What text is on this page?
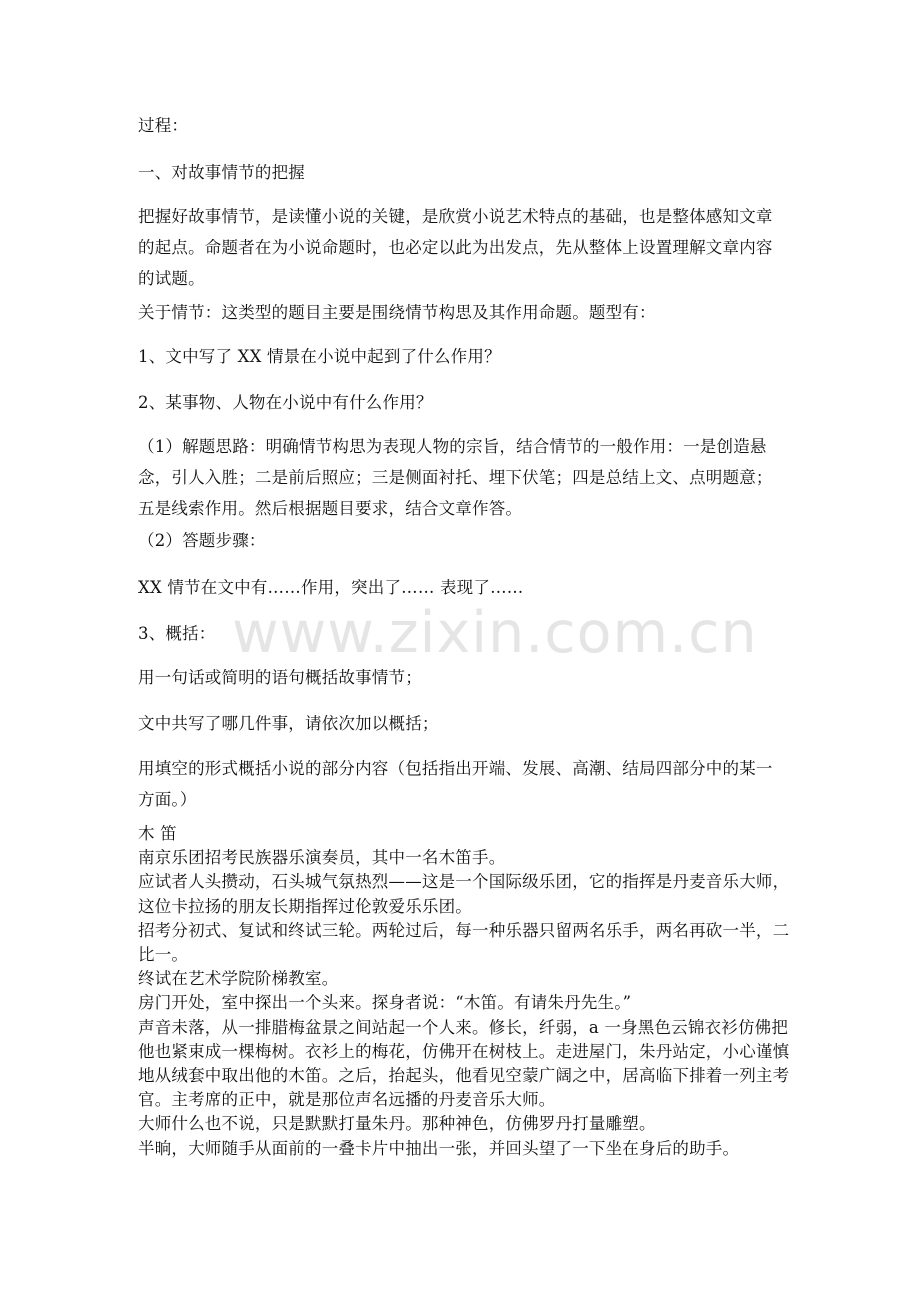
过程：

一、对故事情节的把握

把握好故事情节，是读懂小说的关键，是欣赏小说艺术特点的基础，也是整体感知文章的起点。命题者在为小说命题时，也必定以此为出发点，先从整体上设置理解文章内容的试题。

关于情节：这类型的题目主要是围绕情节构思及其作用命题。题型有：

1、文中写了 XX 情景在小说中起到了什么作用？

2、某事物、人物在小说中有什么作用？

（1）解题思路：明确情节构思为表现人物的宗旨，结合情节的一般作用：一是创造悬念，引人入胜；二是前后照应；三是侧面衬托、埋下伏笔；四是总结上文、点明题意；五是线索作用。然后根据题目要求，结合文章作答。

（2）答题步骤：

XX 情节在文中有……作用，突出了…… 表现了……

3、概括：

用一句话或简明的语句概括故事情节；

文中共写了哪几件事，请依次加以概括；

用填空的形式概括小说的部分内容（包括指出开端、发展、高潮、结局四部分中的某一方面。）

木 笛

南京乐团招考民族器乐演奏员，其中一名木笛手。

应试者人头攒动，石头城气氛热烈——这是一个国际级乐团，它的指挥是丹麦音乐大师，这位卡拉扬的朋友长期指挥过伦敦爱乐乐团。

招考分初式、复试和终试三轮。两轮过后，每一种乐器只留两名乐手，两名再砍一半，二比一。

终试在艺术学院阶梯教室。

房门开处，室中探出一个头来。探身者说：“木笛。有请朱丹先生。”

声音未落，从一排腊梅盆景之间站起一个人来。修长，纤弱，a 一身黑色云锦衣衫仿佛把他也紧束成一棵梅树。衣衫上的梅花，仿佛开在树枝上。走进屋门，朱丹站定，小心谨慎地从绒套中取出他的木笛。之后，抬起头，他看见空蒙广阔之中，居高临下排着一列主考官。主考席的正中，就是那位声名远播的丹麦音乐大师。

大师什么也不说，只是默默打量朱丹。那种神色，仿佛罗丹打量雕塑。

半晌，大师随手从面前的一叠卡片中抽出一张，并回头望了一下坐在身后的助手。

www.zixin.com.cn
